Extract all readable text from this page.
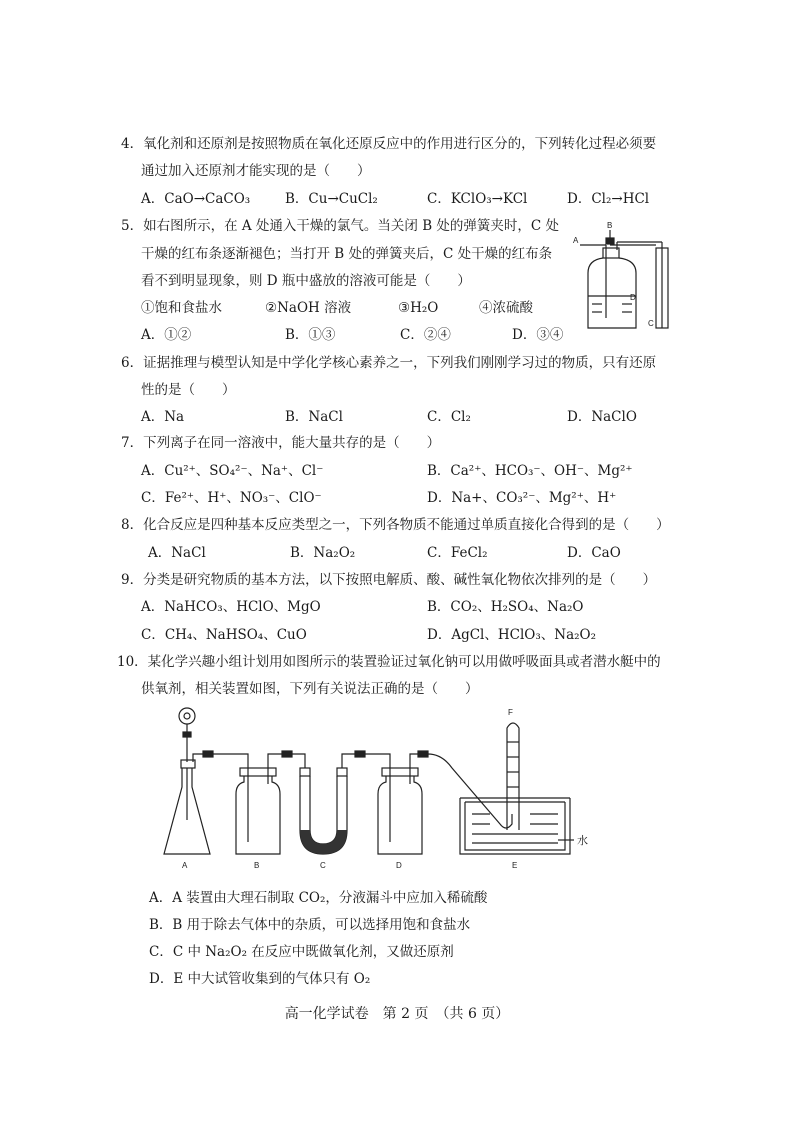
4．氧化剂和还原剂是按照物质在氧化还原反应中的作用进行区分的，下列转化过程必须要
通过加入还原剂才能实现的是（　　）
A．CaO→CaCO₃	B．Cu→CuCl₂	C．KClO₃→KCl	D．Cl₂→HCl
5．如右图所示，在 A 处通入干燥的氯气。当关闭 B 处的弹簧夹时，C 处
干燥的红布条逐渐褪色；当打开 B 处的弹簧夹后，C 处干燥的红布条
看不到明显现象，则 D 瓶中盛放的溶液可能是（　　）
①饱和食盐水	②NaOH 溶液	③H₂O	④浓硫酸
A．①②	B．①③	C．②④	D．③④
A
B
D
C
6．证据推理与模型认知是中学化学核心素养之一，下列我们刚刚学习过的物质，只有还原
性的是（　　）
A．Na	B．NaCl	C．Cl₂	D．NaClO
7．下列离子在同一溶液中，能大量共存的是（　　）
A．Cu²⁺、SO₄²⁻、Na⁺、Cl⁻	B．Ca²⁺、HCO₃⁻、OH⁻、Mg²⁺
C．Fe²⁺、H⁺、NO₃⁻、ClO⁻	D．Na+、CO₃²⁻、Mg²⁺、H⁺
8．化合反应是四种基本反应类型之一，下列各物质不能通过单质直接化合得到的是（　　）
A．NaCl	B．Na₂O₂	C．FeCl₂	D．CaO
9．分类是研究物质的基本方法，以下按照电解质、酸、碱性氧化物依次排列的是（　　）
A．NaHCO₃、HClO、MgO	B．CO₂、H₂SO₄、Na₂O
C．CH₄、NaHSO₄、CuO	D．AgCl、HClO₃、Na₂O₂
10．某化学兴趣小组计划用如图所示的装置验证过氧化钠可以用做呼吸面具或者潜水艇中的
供氧剂，相关装置如图，下列有关说法正确的是（　　）
A	B	C	D	E
F
水
A．A 装置由大理石制取 CO₂，分液漏斗中应加入稀硫酸
B．B 用于除去气体中的杂质，可以选择用饱和食盐水
C．C 中 Na₂O₂ 在反应中既做氧化剂，又做还原剂
D．E 中大试管收集到的气体只有 O₂
高一化学试卷　第 2 页　（共 6 页）
